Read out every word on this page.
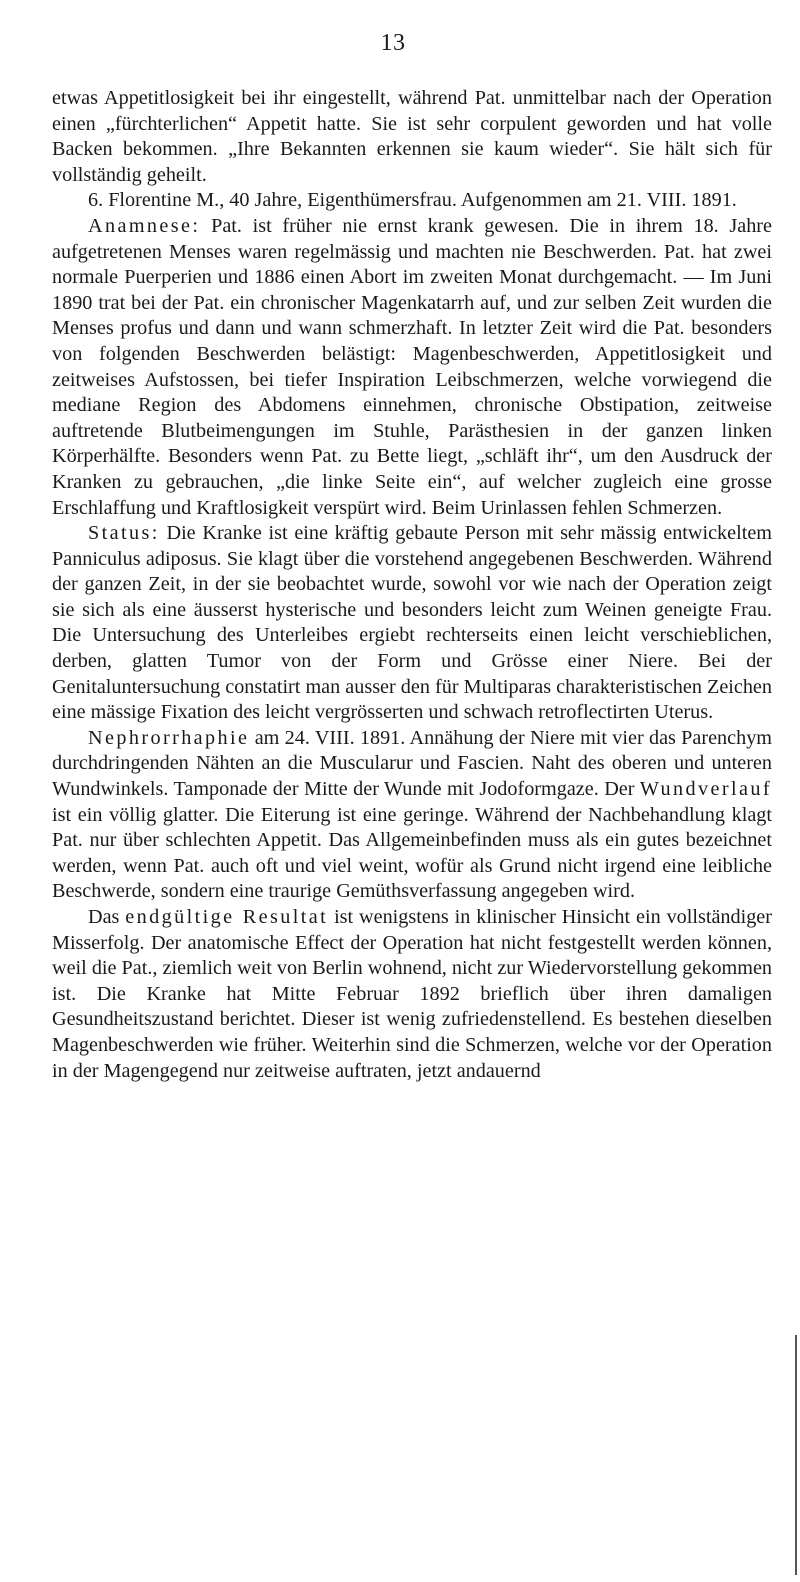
13

etwas Appetitlosigkeit bei ihr eingestellt, während Pat. unmittelbar nach der Operation einen „fürchterlichen“ Appetit hatte. Sie ist sehr corpulent geworden und hat volle Backen bekommen. „Ihre Bekannten erkennen sie kaum wieder“. Sie hält sich für vollständig geheilt.

6. Florentine M., 40 Jahre, Eigenthümersfrau. Aufgenommen am 21. VIII. 1891.

Anamnese: Pat. ist früher nie ernst krank gewesen. Die in ihrem 18. Jahre aufgetretenen Menses waren regelmässig und machten nie Beschwerden. Pat. hat zwei normale Puerperien und 1886 einen Abort im zweiten Monat durchgemacht. — Im Juni 1890 trat bei der Pat. ein chronischer Magenkatarrh auf, und zur selben Zeit wurden die Menses profus und dann und wann schmerzhaft. In letzter Zeit wird die Pat. besonders von folgenden Beschwerden belästigt: Magenbeschwerden, Appetitlosigkeit und zeitweises Aufstossen, bei tiefer Inspiration Leibschmerzen, welche vorwiegend die mediane Region des Abdomens einnehmen, chronische Obstipation, zeitweise auftretende Blutbeimengungen im Stuhle, Parästhesien in der ganzen linken Körperhälfte. Besonders wenn Pat. zu Bette liegt, „schläft ihr“, um den Ausdruck der Kranken zu gebrauchen, „die linke Seite ein“, auf welcher zugleich eine grosse Erschlaffung und Kraftlosigkeit verspürt wird. Beim Urinlassen fehlen Schmerzen.

Status: Die Kranke ist eine kräftig gebaute Person mit sehr mässig entwickeltem Panniculus adiposus. Sie klagt über die vorstehend angegebenen Beschwerden. Während der ganzen Zeit, in der sie beobachtet wurde, sowohl vor wie nach der Operation zeigt sie sich als eine äusserst hysterische und besonders leicht zum Weinen geneigte Frau. Die Untersuchung des Unterleibes ergiebt rechterseits einen leicht verschieblichen, derben, glatten Tumor von der Form und Grösse einer Niere. Bei der Genitaluntersuchung constatirt man ausser den für Multiparas charakteristischen Zeichen eine mässige Fixation des leicht vergrösserten und schwach retroflectirten Uterus.

Nephrorrhaphie am 24. VIII. 1891. Annähung der Niere mit vier das Parenchym durchdringenden Nähten an die Muscularur und Fascien. Naht des oberen und unteren Wundwinkels. Tamponade der Mitte der Wunde mit Jodoformgaze. Der Wundverlauf ist ein völlig glatter. Die Eiterung ist eine geringe. Während der Nachbehandlung klagt Pat. nur über schlechten Appetit. Das Allgemeinbefinden muss als ein gutes bezeichnet werden, wenn Pat. auch oft und viel weint, wofür als Grund nicht irgend eine leibliche Beschwerde, sondern eine traurige Gemüthsverfassung angegeben wird.

Das endgültige Resultat ist wenigstens in klinischer Hinsicht ein vollständiger Misserfolg. Der anatomische Effect der Operation hat nicht festgestellt werden können, weil die Pat., ziemlich weit von Berlin wohnend, nicht zur Wiedervorstellung gekommen ist. Die Kranke hat Mitte Februar 1892 brieflich über ihren damaligen Gesundheitszustand berichtet. Dieser ist wenig zufriedenstellend. Es bestehen dieselben Magenbeschwerden wie früher. Weiterhin sind die Schmerzen, welche vor der Operation in der Magengegend nur zeitweise auftraten, jetzt andauernd
